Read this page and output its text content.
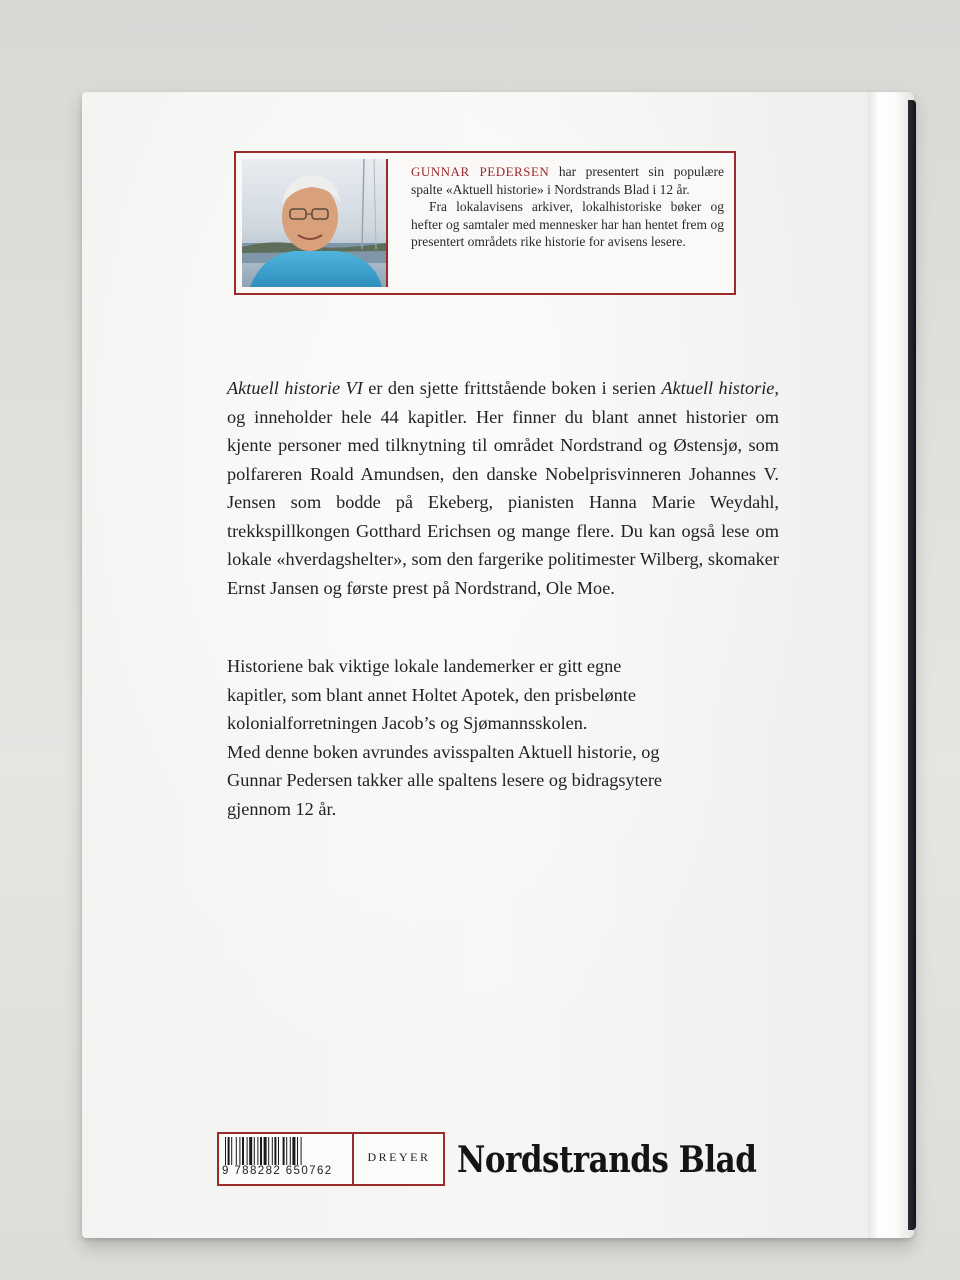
GUNNAR PEDERSEN har presentert sin populære spalte «Aktuell historie» i Nordstrands Blad i 12 år.
Fra lokalavisens arkiver, lokalhistoriske bøker og hefter og samtaler med mennesker har han hentet frem og presentert områdets rike historie for avisens lesere.

Aktuell historie VI er den sjette frittstående boken i serien Aktuell historie, og inneholder hele 44 kapitler. Her finner du blant annet historier om kjente personer med tilknytning til området Nordstrand og Østensjø, som polfareren Roald Amundsen, den danske Nobelprisvinneren Johannes V. Jensen som bodde på Ekeberg, pianisten Hanna Marie Weydahl, trekkspillkongen Gotthard Erichsen og mange flere. Du kan også lese om lokale «hverdagshelter», som den fargerike politimester Wilberg, skomaker Ernst Jansen og første prest på Nordstrand, Ole Moe.

Historiene bak viktige lokale landemerker er gitt egne
kapitler, som blant annet Holtet Apotek, den prisbelønte
kolonialforretningen Jacob’s og Sjømannsskolen.
Med denne boken avrundes avisspalten Aktuell historie, og
Gunnar Pedersen takker alle spaltens lesere og bidragsytere
gjennom 12 år.

9 788282 650762
DREYER Nordstrands Blad
